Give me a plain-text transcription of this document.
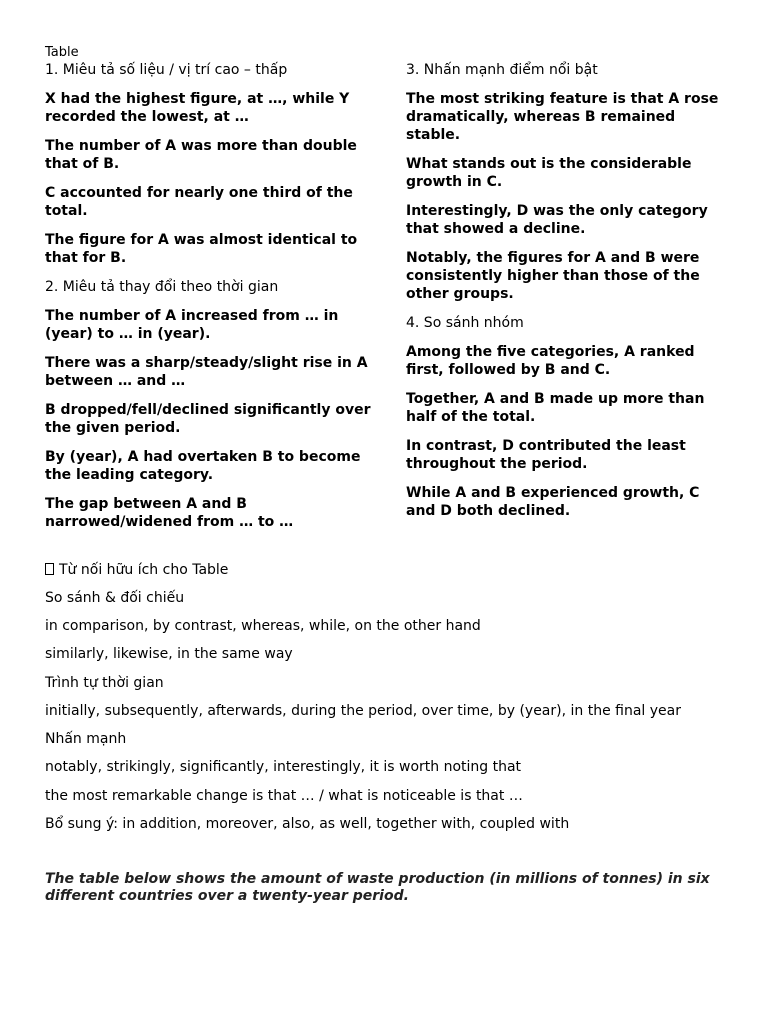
Table
1. Miêu tả số liệu / vị trí cao – thấp
X had the highest figure, at …, while Y recorded the lowest, at …
The number of A was more than double that of B.
C accounted for nearly one third of the total.
The figure for A was almost identical to that for B.
2. Miêu tả thay đổi theo thời gian
The number of A increased from … in (year) to … in (year).
There was a sharp/steady/slight rise in A between … and …
B dropped/fell/declined significantly over the given period.
By (year), A had overtaken B to become the leading category.
The gap between A and B narrowed/widened from … to …
3. Nhấn mạnh điểm nổi bật
The most striking feature is that A rose dramatically, whereas B remained stable.
What stands out is the considerable growth in C.
Interestingly, D was the only category that showed a decline.
Notably, the figures for A and B were consistently higher than those of the other groups.
4. So sánh nhóm
Among the five categories, A ranked first, followed by B and C.
Together, A and B made up more than half of the total.
In contrast, D contributed the least throughout the period.
While A and B experienced growth, C and D both declined.
Từ nối hữu ích cho Table
So sánh & đối chiếu
in comparison, by contrast, whereas, while, on the other hand
similarly, likewise, in the same way
Trình tự thời gian
initially, subsequently, afterwards, during the period, over time, by (year), in the final year
Nhấn mạnh
notably, strikingly, significantly, interestingly, it is worth noting that
the most remarkable change is that … / what is noticeable is that …
Bổ sung ý: in addition, moreover, also, as well, together with, coupled with
The table below shows the amount of waste production (in millions of tonnes) in six different countries over a twenty-year period.
